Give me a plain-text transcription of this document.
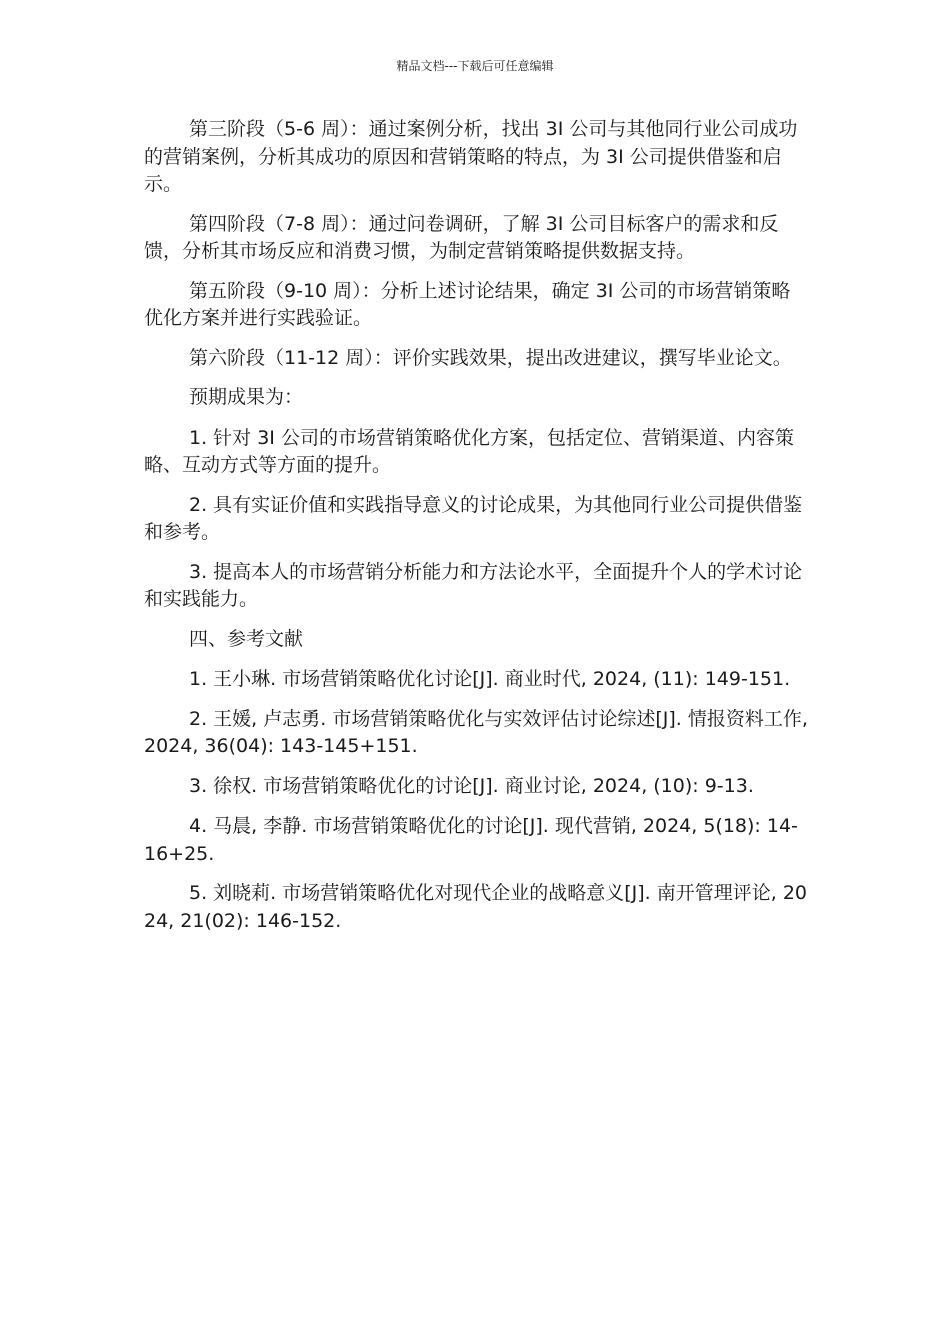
精品文档---下载后可任意编辑

第三阶段（5-6 周）：通过案例分析，找出 3I 公司与其他同行业公司成功的营销案例，分析其成功的原因和营销策略的特点，为 3I 公司提供借鉴和启示。

第四阶段（7-8 周）：通过问卷调研，了解 3I 公司目标客户的需求和反馈，分析其市场反应和消费习惯，为制定营销策略提供数据支持。

第五阶段（9-10 周）：分析上述讨论结果，确定 3I 公司的市场营销策略优化方案并进行实践验证。

第六阶段（11-12 周）：评价实践效果，提出改进建议，撰写毕业论文。

预期成果为：

1. 针对 3I 公司的市场营销策略优化方案，包括定位、营销渠道、内容策略、互动方式等方面的提升。

2. 具有实证价值和实践指导意义的讨论成果，为其他同行业公司提供借鉴和参考。

3. 提高本人的市场营销分析能力和方法论水平，全面提升个人的学术讨论和实践能力。

四、参考文献

1. 王小琳. 市场营销策略优化讨论[J]. 商业时代, 2024, (11): 149-151.

2. 王媛, 卢志勇. 市场营销策略优化与实效评估讨论综述[J]. 情报资料工作, 2024, 36(04): 143-145+151.

3. 徐权. 市场营销策略优化的讨论[J]. 商业讨论, 2024, (10): 9-13.

4. 马晨, 李静. 市场营销策略优化的讨论[J]. 现代营销, 2024, 5(18): 14-16+25.

5. 刘晓莉. 市场营销策略优化对现代企业的战略意义[J]. 南开管理评论, 2024, 21(02): 146-152.
